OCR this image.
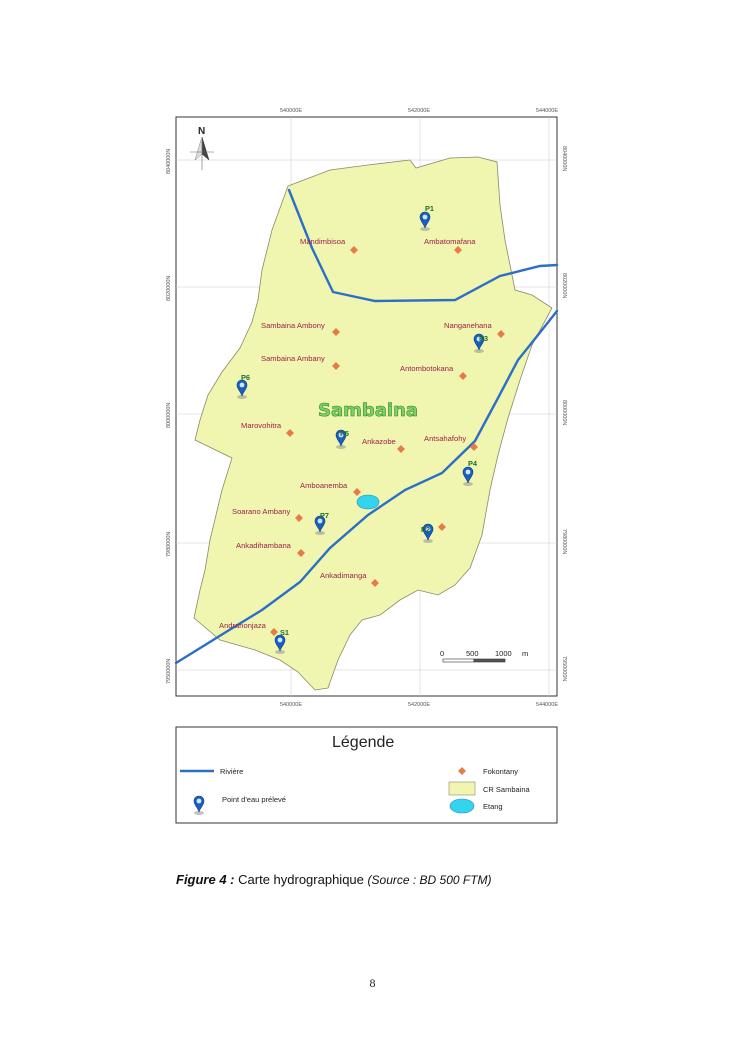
Mandimbisoa	Ambatomafana
Sambaina Ambony	Nanganehana
Sambaina Ambany
Antombotokana
Marovohitra
Ankazobe	Antsahafohy
Amboanemba
Soarano Ambany
Ankadihambana
Ankadimanga
Andranonjaza
Sambaina
P1
P2
P3
P4
P5
P6
P7
S1
N
0	500 1000 m
540000E	542000E	544000E
540000E	542000E	544000E
8040000N
8020000N
8000000N
7980000N
7950000N
8040000N
8020000N
8000000N
7980000N
7950000N
Légende
Rivière
Point d'eau prélevé
Fokontany
CR Sambaina
Etang
Figure 4 : Carte hydrographique (Source : BD 500 FTM)
8
